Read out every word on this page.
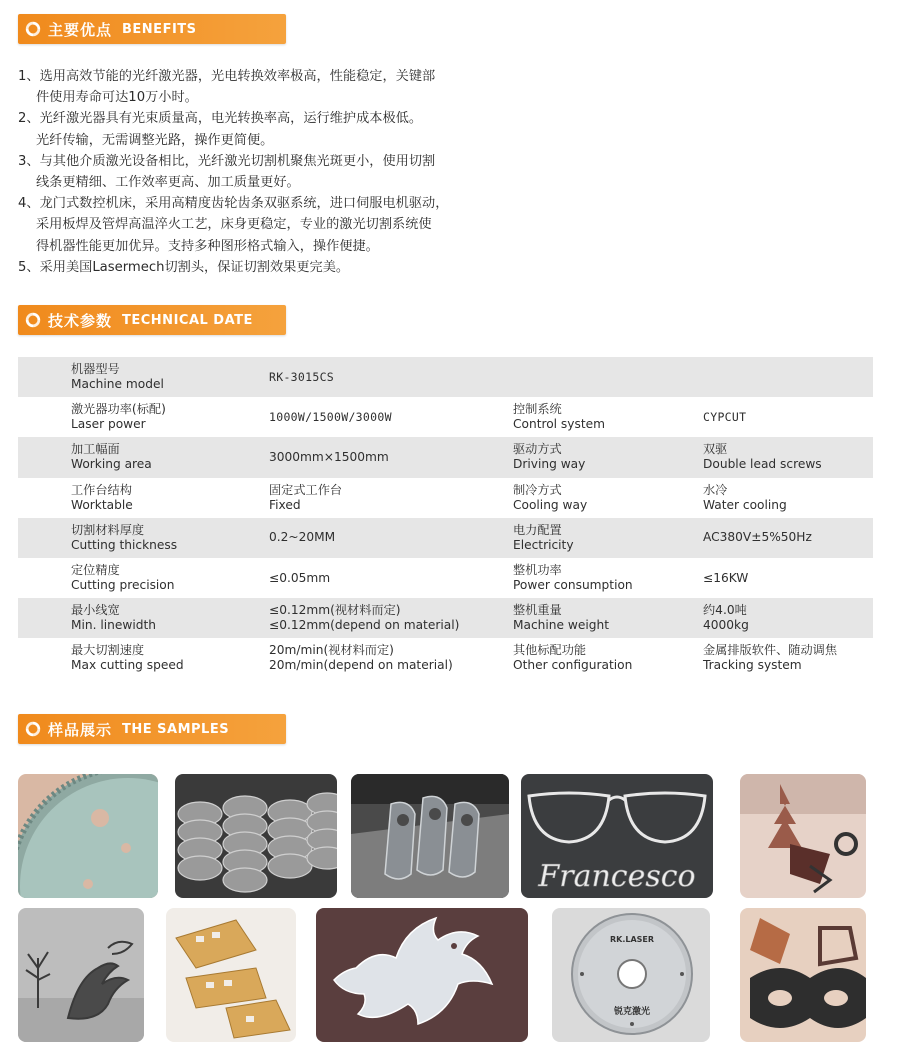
主要优点 BENEFITS
1、选用高效节能的光纤激光器，光电转换效率极高，性能稳定，关键部
件使用寿命可达10万小时。
2、光纤激光器具有光束质量高，电光转换率高，运行维护成本极低。
光纤传输，无需调整光路，操作更简便。
3、与其他介质激光设备相比，光纤激光切割机聚焦光斑更小，使用切割
线条更精细、工作效率更高、加工质量更好。
4、龙门式数控机床，采用高精度齿轮齿条双驱系统，进口伺服电机驱动，
采用板焊及管焊高温淬火工艺，床身更稳定，专业的激光切割系统使
得机器性能更加优异。支持多种图形格式输入，操作便捷。
5、采用美国Lasermech切割头，保证切割效果更完美。
技术参数 TECHNICAL DATE
机器型号
Machine model
RK-3015CS
激光器功率(标配)
Laser power
1000W/1500W/3000W
控制系统
Control system
CYPCUT
加工幅面
Working area
3000mm×1500mm
驱动方式
Driving way
双驱
Double lead screws
工作台结构
Worktable
固定式工作台
Fixed
制冷方式
Cooling way
水冷
Water cooling
切割材料厚度
Cutting thickness
0.2~20MM
电力配置
Electricity
AC380V±5%50Hz
定位精度
Cutting precision
≤0.05mm
整机功率
Power consumption
≤16KW
最小线宽
Min. linewidth
≤0.12mm(视材料而定)
≤0.12mm(depend on material)
整机重量
Machine weight
约4.0吨
4000kg
最大切割速度
Max cutting speed
20m/min(视材料而定)
20m/min(depend on material)
其他标配功能
Other configuration
金属排版软件、随动调焦
Tracking system
样品展示 THE SAMPLES
Francesco
RK.LASER
锐克激光
